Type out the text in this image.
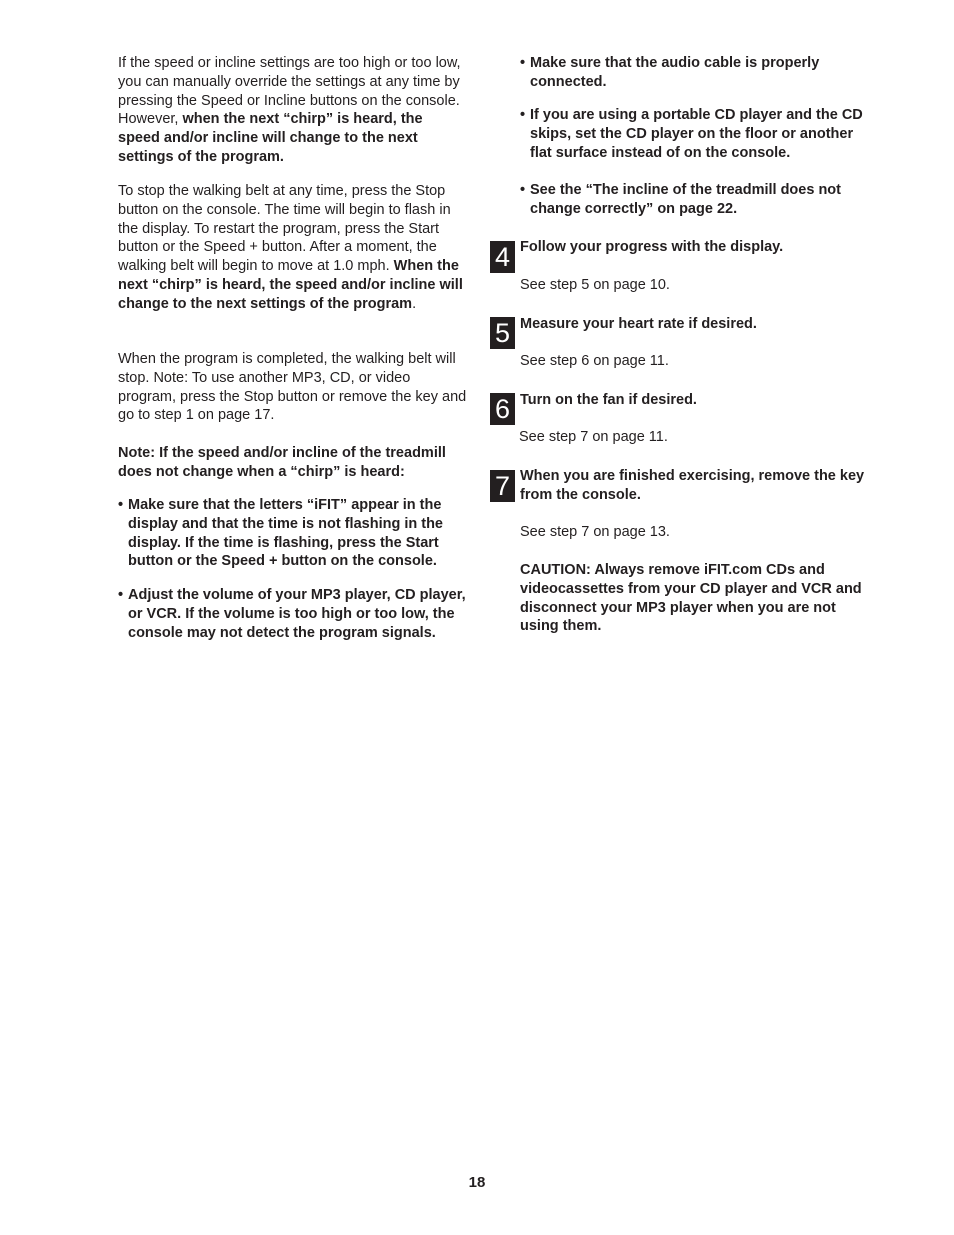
If the speed or incline settings are too high or too low, you can manually override the settings at any time by pressing the Speed or Incline buttons on the console. However, when the next “chirp” is heard, the speed and/or incline will change to the next settings of the program.

To stop the walking belt at any time, press the Stop button on the console. The time will begin to flash in the display. To restart the program, press the Start button or the Speed + button. After a moment, the walking belt will begin to move at 1.0 mph. When the next “chirp” is heard, the speed and/or incline will change to the next settings of the program.

When the program is completed, the walking belt will stop. Note: To use another MP3, CD, or video program, press the Stop button or remove the key and go to step 1 on page 17.

Note: If the speed and/or incline of the treadmill does not change when a “chirp” is heard:

• Make sure that the letters “iFIT” appear in the display and that the time is not flashing in the display. If the time is flashing, press the Start button or the Speed + button on the console.
• Adjust the volume of your MP3 player, CD player, or VCR. If the volume is too high or too low, the console may not detect the program signals.
• Make sure that the audio cable is properly connected.
• If you are using a portable CD player and the CD skips, set the CD player on the floor or another flat surface instead of on the console.
• See the “The incline of the treadmill does not change correctly” on page 22.
4 Follow your progress with the display.

See step 5 on page 10.

5 Measure your heart rate if desired.

See step 6 on page 11.

6 Turn on the fan if desired.

See step 7 on page 11.

7 When you are finished exercising, remove the key from the console.

See step 7 on page 13.

CAUTION: Always remove iFIT.com CDs and videocassettes from your CD player and VCR and disconnect your MP3 player when you are not using them.

18
